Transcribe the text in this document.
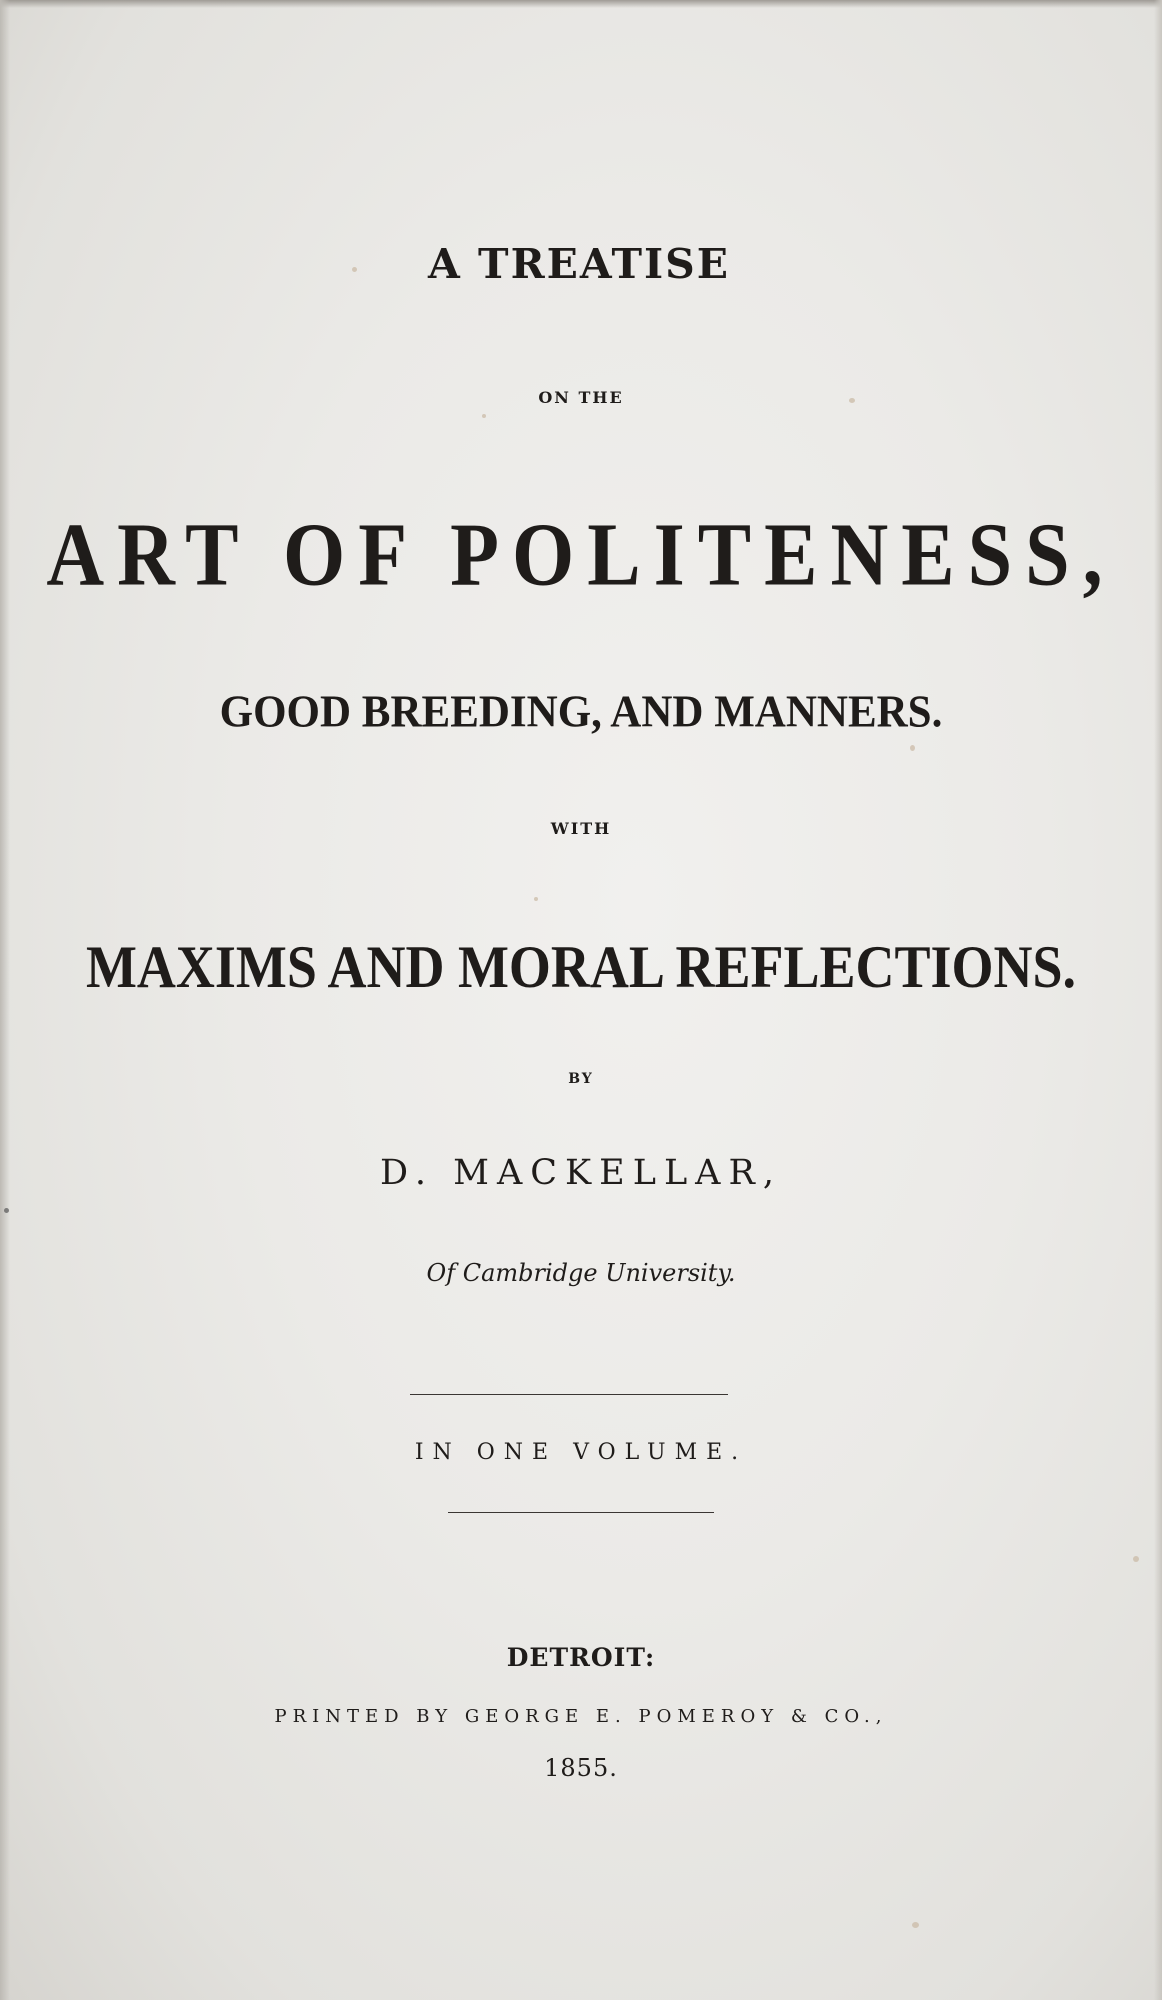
A TREATISE
ON THE
ART OF POLITENESS,
GOOD BREEDING, AND MANNERS.
WITH
MAXIMS AND MORAL REFLECTIONS.
BY
D. MACKELLAR,
Of Cambridge University.
IN ONE VOLUME.
DETROIT:
PRINTED BY GEORGE E. POMEROY & CO.,
1855.
